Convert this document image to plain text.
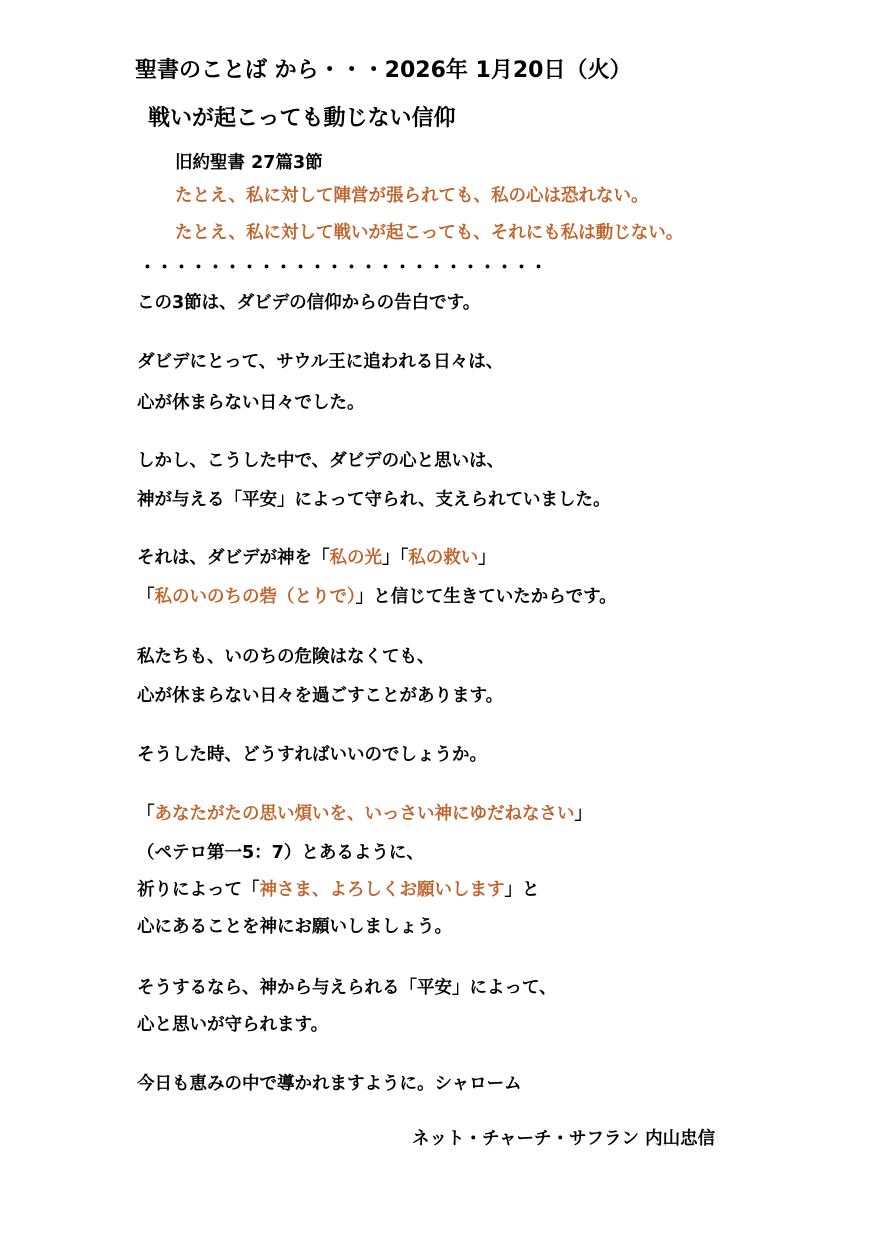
聖書のことば から・・・2026年 1月20日（火）
戦いが起こっても動じない信仰
旧約聖書 27篇3節
たとえ、私に対して陣営が張られても、私の心は恐れない。
たとえ、私に対して戦いが起こっても、それにも私は動じない。
・・・・・・・・・・・・・・・・・・・・・・・・
この3節は、ダビデの信仰からの告白です。
ダビデにとって、サウル王に追われる日々は、
心が休まらない日々でした。
しかし、こうした中で、ダビデの心と思いは、
神が与える「平安」によって守られ、支えられていました。
それは、ダビデが神を「私の光」「私の救い」
「私のいのちの砦（とりで）」と信じて生きていたからです。
私たちも、いのちの危険はなくても、
心が休まらない日々を過ごすことがあります。
そうした時、どうすればいいのでしょうか。
「あなたがたの思い煩いを、いっさい神にゆだねなさい」
（ペテロ第一5：7）とあるように、
祈りによって「神さま、よろしくお願いします」と
心にあることを神にお願いしましょう。
そうするなら、神から与えられる「平安」によって、
心と思いが守られます。
今日も恵みの中で導かれますように。シャローム
ネット・チャーチ・サフラン 内山忠信
